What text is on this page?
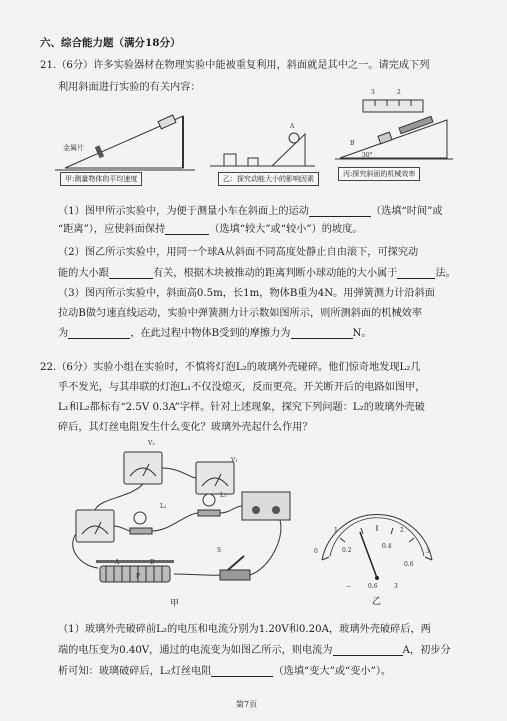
六、综合能力题（满分18分）
21.（6分）许多实验器材在物理实验中能被重复利用，斜面就是其中之一。请完成下列
利用斜面进行实验的有关内容：
金属片
甲:测量物体的平均速度
A
乙：探究动能大小的影响因素
3	2
B
30°
丙:探究斜面的机械效率
（1）图甲所示实验中，为便于测量小车在斜面上的运动	（选填“时间”或
“距离”），应使斜面保持	（选填“较大”或“较小”）的坡度。
（2）图乙所示实验中，用同一个球A从斜面不同高度处静止自由滚下，可探究动
能的大小跟	有关，根据木块被推动的距离判断小球动能的大小属于	法。
（3）图丙所示实验中，斜面高0.5m，长1m，物体B重为4N。用弹簧测力计沿斜面
拉动B做匀速直线运动，实验中弹簧测力计示数如图所示，则所测斜面的机械效率
为	，在此过程中物体B受到的摩擦力为	N。
22.（6分）实验小组在实验时，不慎将灯泡L₂的玻璃外壳碰碎。他们惊奇地发现L₂几
乎不发光，与其串联的灯泡L₁不仅没熄灭，反而更亮。开关断开后的电路如图甲，
L₁和L₂都标有“2.5V 0.3A”字样。针对上述现象，探究下列问题：L₂的玻璃外壳破
碎后，其灯丝电阻发生什么变化？玻璃外壳起什么作用？
V₂
V₁
L₂
L₁
A	B
P
S
甲
0
1	2
3
0.2
0.4
0.6
−	0.6	3
乙
（1）玻璃外壳破碎前L₂的电压和电流分别为1.20V和0.20A，玻璃外壳破碎后，两
端的电压变为0.40V，通过的电流变为如图乙所示，则电流为	A，初步分
析可知：玻璃破碎后，L₂灯丝电阻	（选填“变大”或“变小”）。
第7页
